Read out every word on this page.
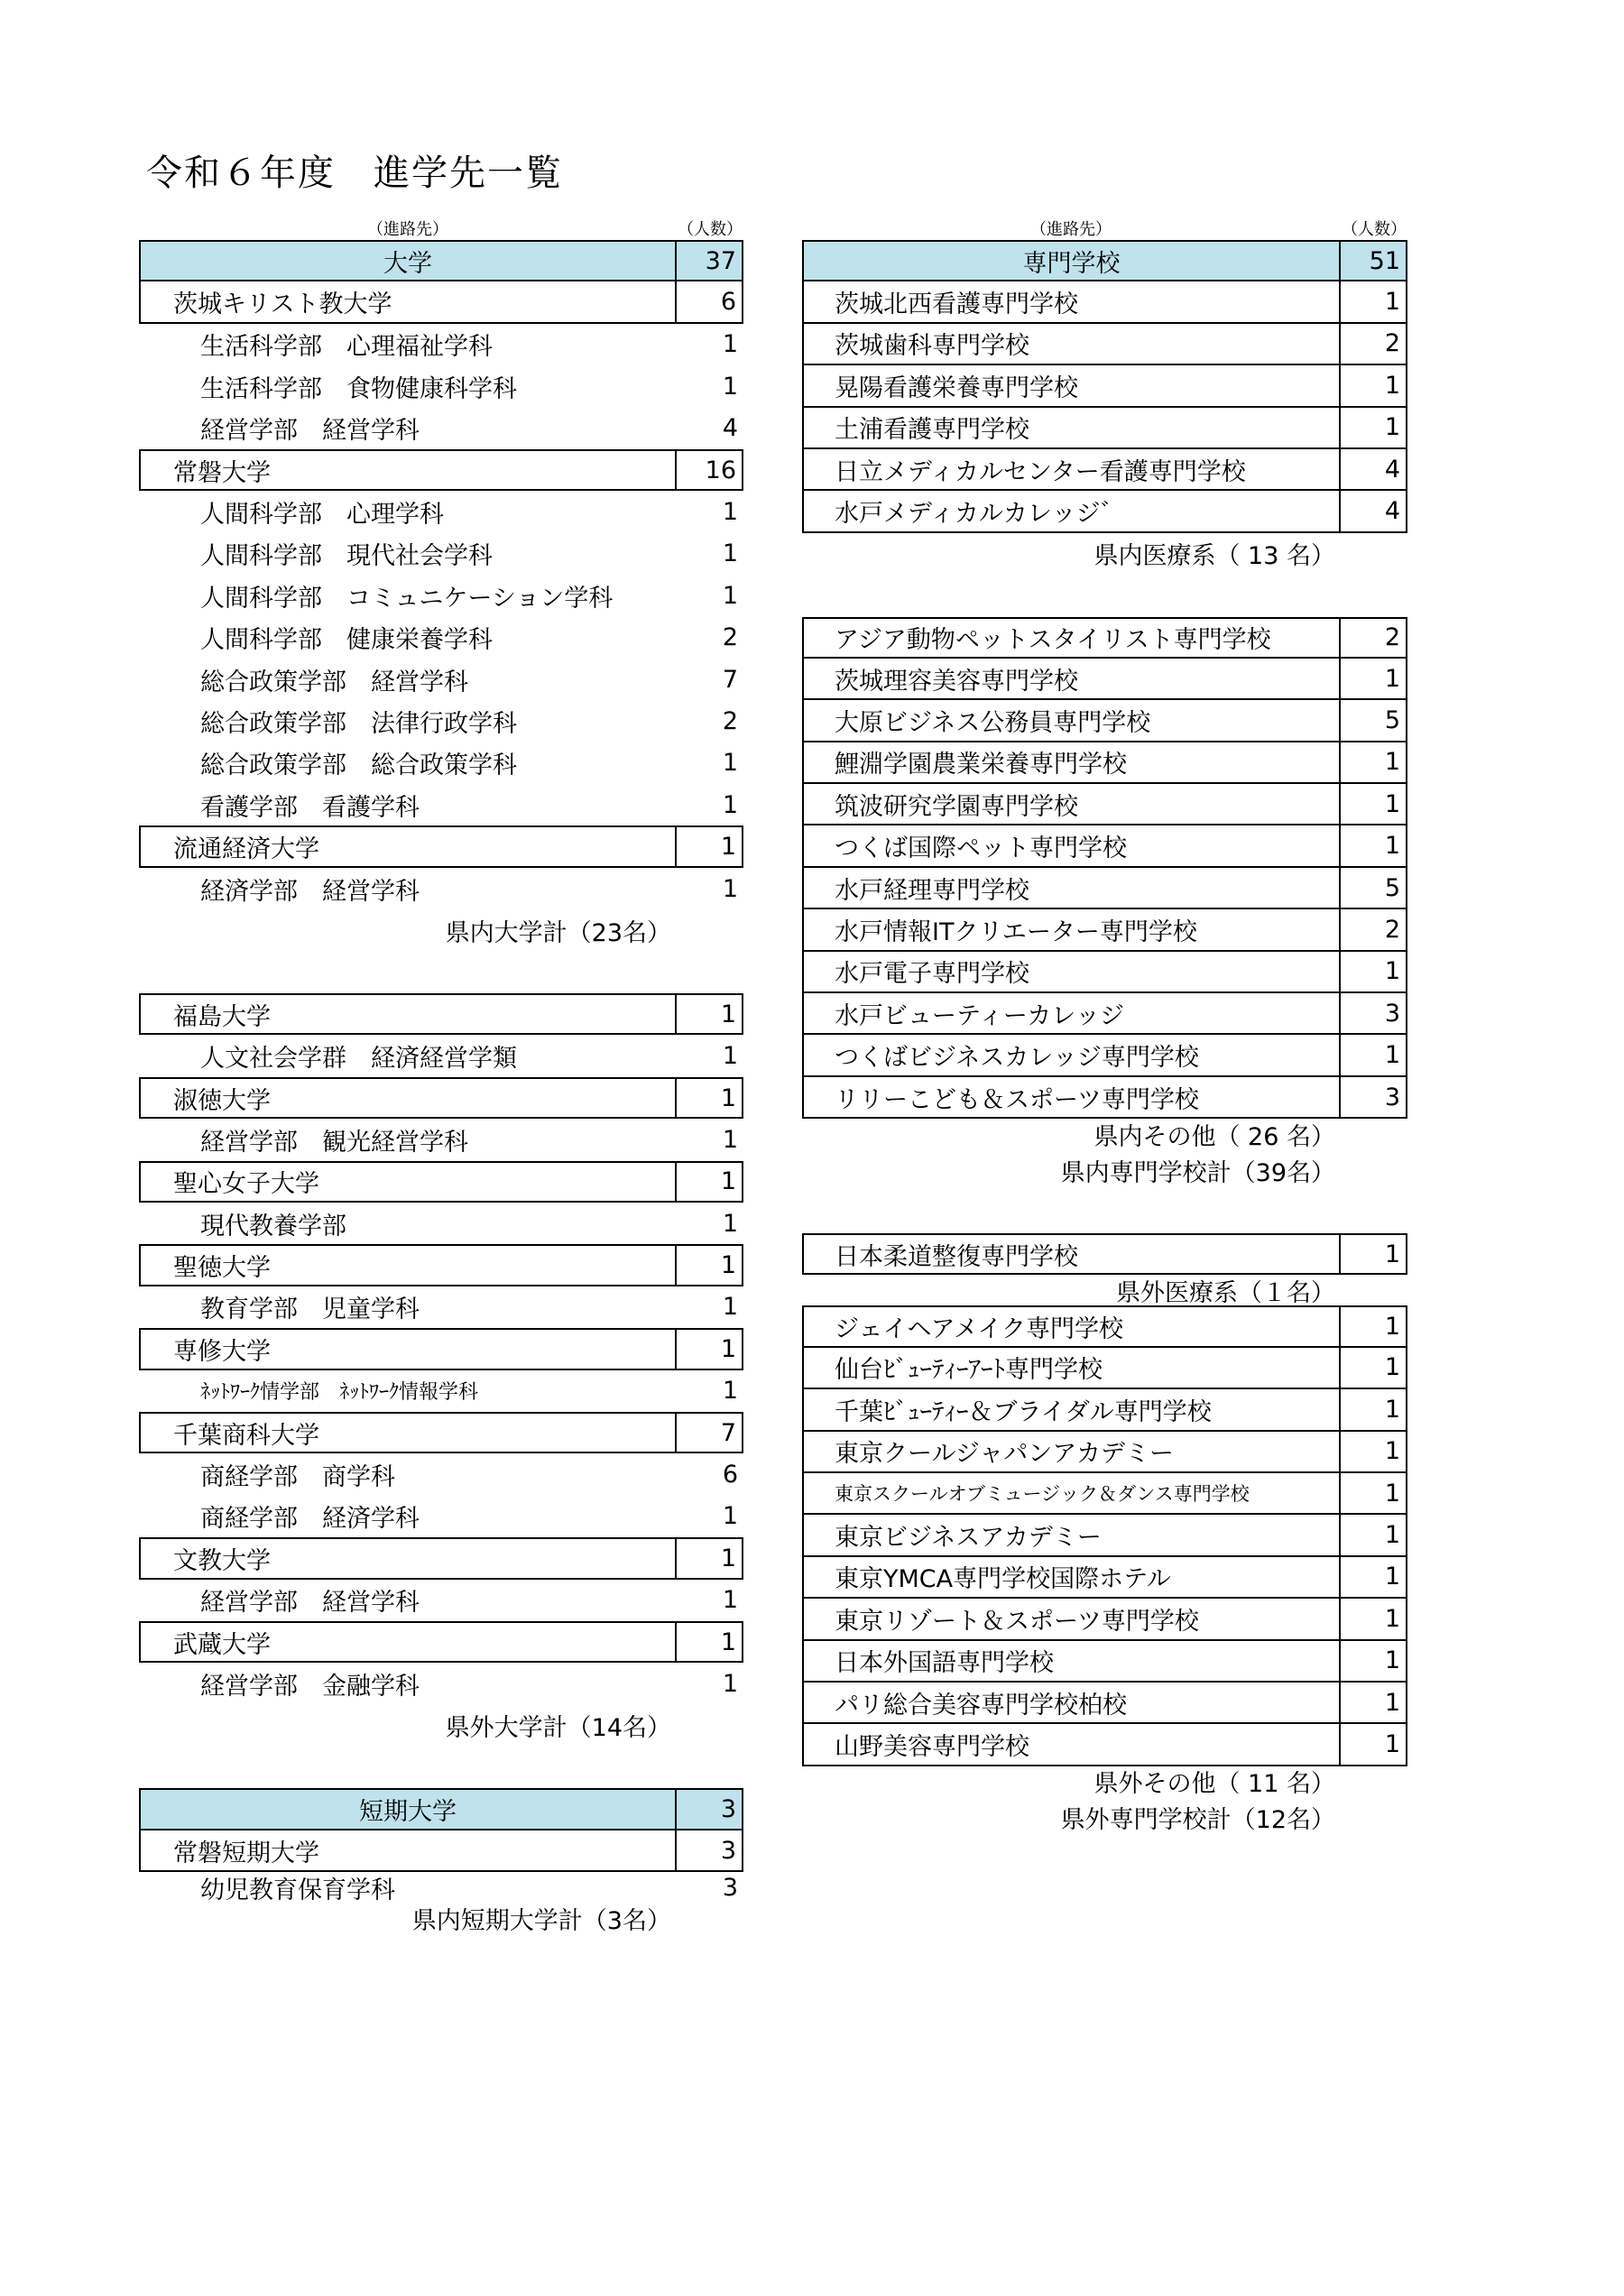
令和６年度　進学先一覧
（進路先）	（人数）
大学	37
茨城キリスト教大学	6
生活科学部　心理福祉学科	1
生活科学部　食物健康科学科	1
経営学部　経営学科	4
常磐大学	16
人間科学部　心理学科	1
人間科学部　現代社会学科	1
人間科学部　コミュニケーション学科	1
人間科学部　健康栄養学科	2
総合政策学部　経営学科	7
総合政策学部　法律行政学科	2
総合政策学部　総合政策学科	1
看護学部　看護学科	1
流通経済大学	1
経済学部　経営学科	1
県内大学計（23名）
福島大学	1
人文社会学群　経済経営学類	1
淑徳大学	1
経営学部　観光経営学科	1
聖心女子大学	1
現代教養学部	1
聖徳大学	1
教育学部　児童学科	1
専修大学	1
ﾈｯﾄﾜｰｸ情学部　ﾈｯﾄﾜｰｸ情報学科	1
千葉商科大学	7
商経学部　商学科	6
商経学部　経済学科	1
文教大学	1
経営学部　経営学科	1
武蔵大学	1
経営学部　金融学科	1
県外大学計（14名）
短期大学	3
常磐短期大学	3
幼児教育保育学科	3
県内短期大学計（3名）
（進路先）	（人数）
専門学校	51
茨城北西看護専門学校	1
茨城歯科専門学校	2
晃陽看護栄養専門学校	1
土浦看護専門学校	1
日立メディカルセンター看護専門学校	4
水戸メディカルカレッジ゛	4
県内医療系（ 13 名）
アジア動物ペットスタイリスト専門学校	2
茨城理容美容専門学校	1
大原ビジネス公務員専門学校	5
鯉淵学園農業栄養専門学校	1
筑波研究学園専門学校	1
つくば国際ペット専門学校	1
水戸経理専門学校	5
水戸情報ITクリエーター専門学校	2
水戸電子専門学校	1
水戸ビューティーカレッジ	3
つくばビジネスカレッジ専門学校	1
リリーこども＆スポーツ専門学校	3
県内その他（ 26 名）
県内専門学校計（39名）
日本柔道整復専門学校	1
県外医療系（１名）
ジェイヘアメイク専門学校	1
仙台ﾋﾞｭｰﾃｨｰｱｰﾄ専門学校	1
千葉ﾋﾞｭｰﾃｨｰ＆ブライダル専門学校	1
東京クールジャパンアカデミー	1
東京スクールオブミュージック＆ダンス専門学校	1
東京ビジネスアカデミー	1
東京YMCA専門学校国際ホテル	1
東京リゾート＆スポーツ専門学校	1
日本外国語専門学校	1
パリ総合美容専門学校柏校	1
山野美容専門学校	1
県外その他（ 11 名）
県外専門学校計（12名）
